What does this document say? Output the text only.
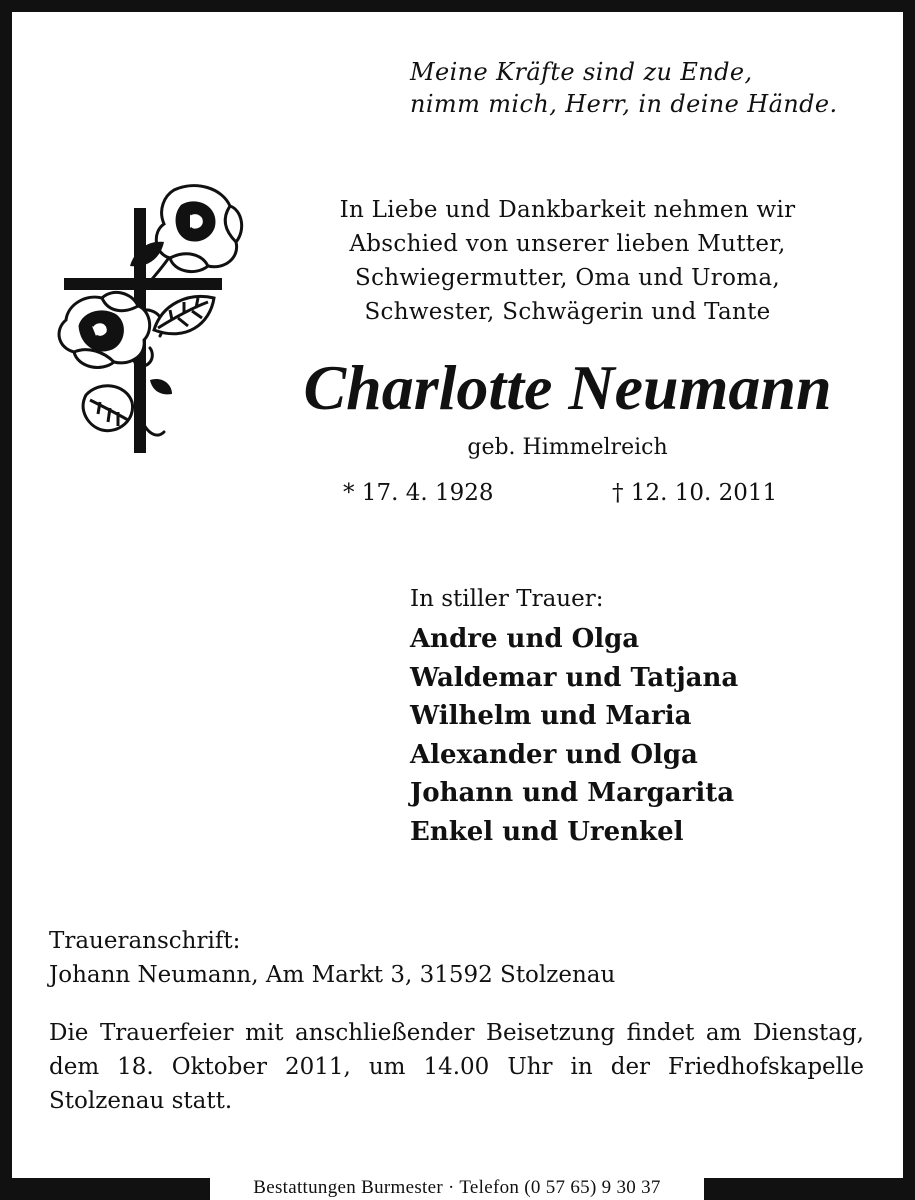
Meine Kräfte sind zu Ende,
nimm mich, Herr, in deine Hände.
In Liebe und Dankbarkeit nehmen wir
Abschied von unserer lieben Mutter,
Schwiegermutter, Oma und Uroma,
Schwester, Schwägerin und Tante
Charlotte Neumann
geb. Himmelreich
* 17. 4. 1928	† 12. 10. 2011
In stiller Trauer:
Andre und Olga
Waldemar und Tatjana
Wilhelm und Maria
Alexander und Olga
Johann und Margarita
Enkel und Urenkel
Traueranschrift:
Johann Neumann, Am Markt 3, 31592 Stolzenau
Die Trauerfeier mit anschließender Beisetzung findet am Dienstag, dem 18. Oktober 2011, um 14.00 Uhr in der Friedhofskapelle Stolzenau statt.
Bestattungen Burmester · Telefon (0 57 65) 9 30 37
